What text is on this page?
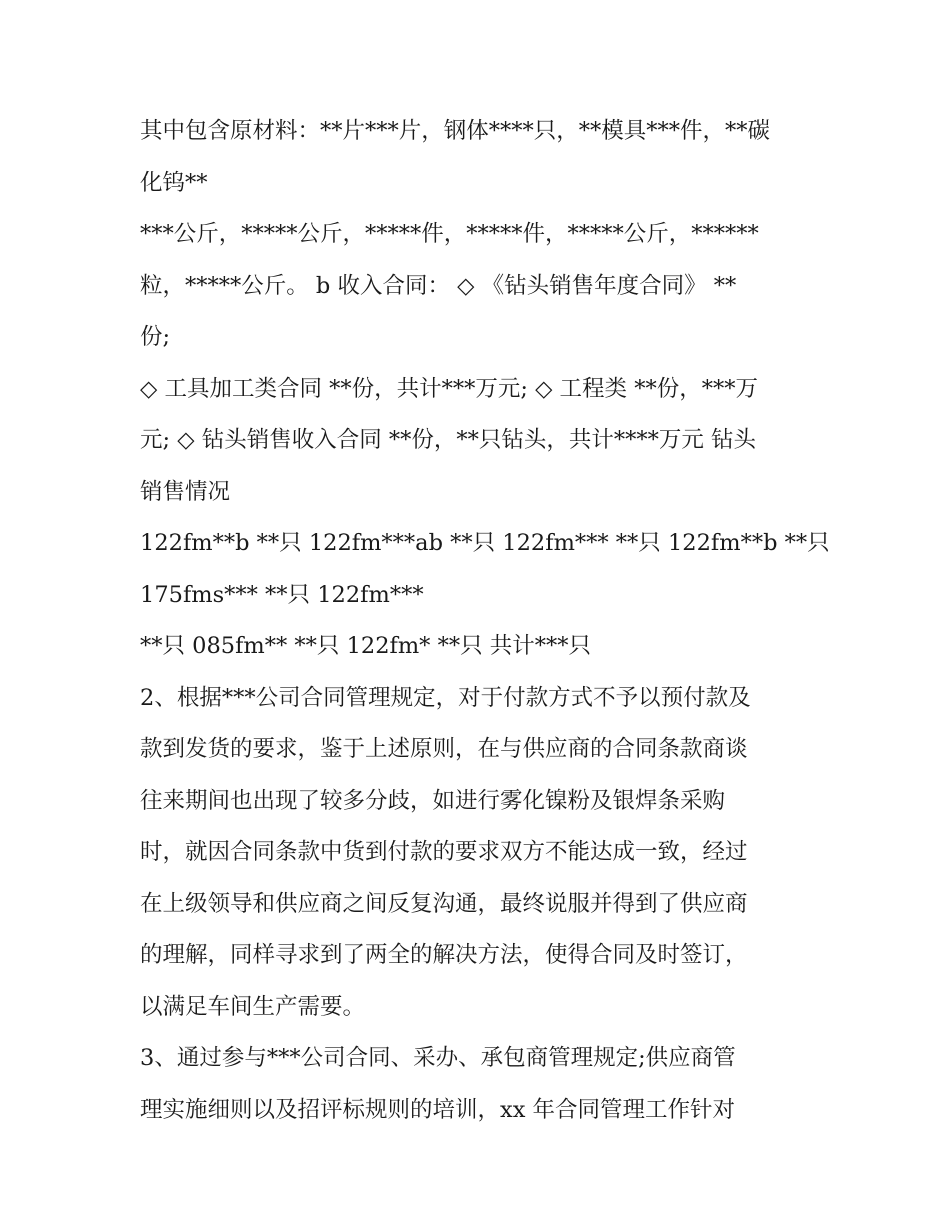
其中包含原材料：**片***片，钢体****只，**模具***件，**碳
化钨**
***公斤，*****公斤，*****件，*****件，*****公斤，******
粒，*****公斤。 b 收入合同： ◇ 《钻头销售年度合同》 **
份;
◇ 工具加工类合同 **份，共计***万元; ◇ 工程类 **份，***万
元; ◇ 钻头销售收入合同 **份，**只钻头，共计****万元 钻头
销售情况
122fm**b **只 122fm***ab **只 122fm*** **只 122fm**b **只
175fms*** **只 122fm***
**只 085fm** **只 122fm* **只 共计***只
2、根据***公司合同管理规定，对于付款方式不予以预付款及
款到发货的要求，鉴于上述原则，在与供应商的合同条款商谈
往来期间也出现了较多分歧，如进行雾化镍粉及银焊条采购
时，就因合同条款中货到付款的要求双方不能达成一致，经过
在上级领导和供应商之间反复沟通，最终说服并得到了供应商
的理解，同样寻求到了两全的解决方法，使得合同及时签订，
以满足车间生产需要。
3、通过参与***公司合同、采办、承包商管理规定;供应商管
理实施细则以及招评标规则的培训，xx 年合同管理工作针对
